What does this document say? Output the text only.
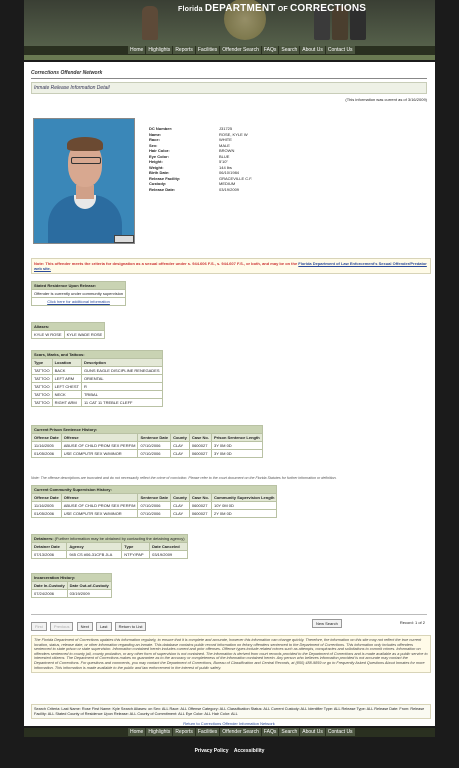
Florida DEPARTMENT OF CORRECTIONS
Home	Highlights	Reports	Facilities	Offender Search	FAQs	Search	About Us	Contact Us
Corrections Offender Network
Inmate Release Information Detail
(This information was current as of 3/16/2009)
DC Number:	J31725
Name:	ROSE, KYLE W
Race:	WHITE
Sex:	MALE
Hair Color:	BROWN
Eye Color:	BLUE
Height:	5'10"
Weight:	144 lbs
Birth Date:	06/10/1984
Release Facility:	GRACEVILLE C.F.
Custody:	MEDIUM
Release Date:	03/19/2009
Note: This offender meets the criteria for designation as a sexual offender under s. 944.606 F.S., s. 944.607 F.S., or both, and may be on the Florida Department of Law Enforcement's Sexual Offender/Predator web site.
Stated Residence Upon Release:
Offender is currently under community supervision
Click here for additional information
Aliases:
KYLE W ROSE	KYLE WADE ROSE
Scars, Marks, and Tattoos:		
Type	Location	Description
TATTOO	BACK	GUNS EAGLE DISCIPLINE RENEGADES
TATTOO	LEFT ARM	ORIENTAL
TATTOO	LEFT CHEST	R
TATTOO	NECK	TRIBAL
TATTOO	RIGHT ARM	11 CAT 11 TREBLE CLEFF
Current Prison Sentence History:					
Offense Date	Offense	Sentence Date	County	Case No.	Prison Sentence Length
11/16/2005	ABUSE OF CHILD PROM SEX PERF/M	07/10/2006	CLAY	0600027	3Y 0M 0D
01/05/2006	USE COMPUTR SEX W/MINOR	07/10/2006	CLAY	0600027	3Y 0M 0D
Note: The offense descriptions are truncated and do not necessarily reflect the crime of conviction. Please refer to the court document on the Florida Statutes for further information or definition.
Current Community Supervision History:					
Offense Date	Offense	Sentence Date	County	Case No.	Community Supervision Length
11/16/2005	ABUSE OF CHILD PROM SEX PERF/M	07/10/2006	CLAY	0600027	10Y 0M 0D
01/05/2006	USE COMPUTR SEX W/MINOR	07/10/2006	CLAY	0600027	2Y 0M 0D
Detainers: (Further information may be obtained by contacting the detaining agency)			
Detainer Date	Agency	Type	Date Canceled
07/13/2006	945 CS #06-31CFB JLA	NTFY/PAP	03/19/2009
Incarceration History:	
Date In-Custody	Date Out-of-Custody
07/24/2006	03/19/2009
First	Previous	Next	Last	Return to List
New Search	Record: 1 of 2
The Florida Department of Corrections updates this information regularly, to ensure that it is complete and accurate, however this information can change quickly. Therefore, the information on this site may not reflect the true current location, status, release date, or other information regarding an inmate. This database contains public record information on felony offenders sentenced to the Department of Corrections. This information only includes offenders sentenced to state prison or state supervision. Information contained herein includes current and prior offenses. Offense types include related crimes such as attempts, conspiracies and solicitations to commit crimes. Information on offenders sentenced to county jail, county probation, or any other form of supervision is not contained. The information is derived from court records provided to the Department of Corrections and is made available as a public service to interested citizens. The Department of Corrections makes no guarantee as to the accuracy or completeness of the information contained herein. Any person who believes information provided is not accurate may contact the Department of Corrections. For questions and comments, you may contact the Department of Corrections, Bureau of Classification and Central Records, at (850) 488-9859 or go to Frequently Asked Questions About Inmates for more information. This information is made available to the public and law enforcement in the interest of public safety.
Search Criteria: Last Name: Rose First Name: Kyle Search Aliases: on Sex: ALL Race: ALL Offense Category: ALL Classification Status: ALL Current Custody: ALL Identifier Type: ALL Release Type: ALL Release Date: From: Release Facility: ALL Stated County of Residence Upon Release: ALL County of Commitment: ALL Eye Color: ALL Hair Color: ALL
Return to Corrections Offender Information Network
Home	Highlights	Reports	Facilities	Offender Search	FAQs	Search	About Us	Contact Us
Privacy Policy Accessibility
